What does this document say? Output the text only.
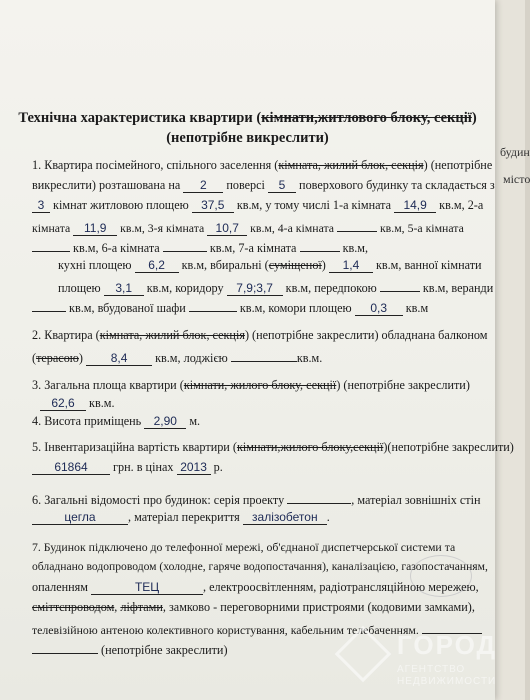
будин
місто
Технічна характеристика квартири (кімнати,житлового блоку, секції)
(непотрібне викреслити)
1. Квартира посімейного, спільного заселення (кімната, жилий блок, секція) (непотрібне
викреслити) розташована на 2 поверсі 5 поверхового будинку та складається з
3 кімнат житловою площею 37,5 кв.м, у тому числі 1-а кімната 14,9 кв.м, 2-а
кімната 11,9 кв.м, 3-я кімната 10,7 кв.м, 4-а кімната	кв.м, 5-а кімната
кв.м, 6-а кімната	кв.м, 7-а кімната	кв.м,
кухні площею 6,2 кв.м, вбиральні (суміщеної) 1,4 кв.м, ванної кімнати
площею 3,1 кв.м, коридору 7,9;3,7 кв.м, передпокою	кв.м, веранди
кв.м, вбудованої шафи	кв.м, комори площею 0,3 кв.м
2. Квартира (кімната, жилий блок, секція) (непотрібне закреслити) обладнана балконом
(терасою) 8,4 кв.м, лоджією	кв.м.
3. Загальна площа квартири (кімнати, жилого блоку, секції) (непотрібне закреслити)
62,6 кв.м.
4. Висота приміщень 2,90 м.
5. Інвентаризаційна вартість квартири (кімнати,жилого блоку,секції)(непотрібне закреслити)
61864 грн. в цінах 2013 р.
6. Загальні відомості про будинок: серія проекту	, матеріал зовнішніх стін
цегла	, матеріал перекриття залізобетон .
7. Будинок підключено до телефонної мережі, об'єднаної диспетчерської системи та
обладнано водопроводом (холодне, гаряче водопостачання), каналізацією, газопостачанням,
опаленням	ТЕЦ	, електроосвітленням, радіотрансляційною мережею,
сміттєпроводом, ліфтами, замково - переговорними пристроями (кодовими замками),
телевізійною антеною колективного користування, кабельним телебаченням.
(непотрібне закреслити)	ГОРОД
АГЕНТСТВО
НЕДВИЖИМОСТИ
